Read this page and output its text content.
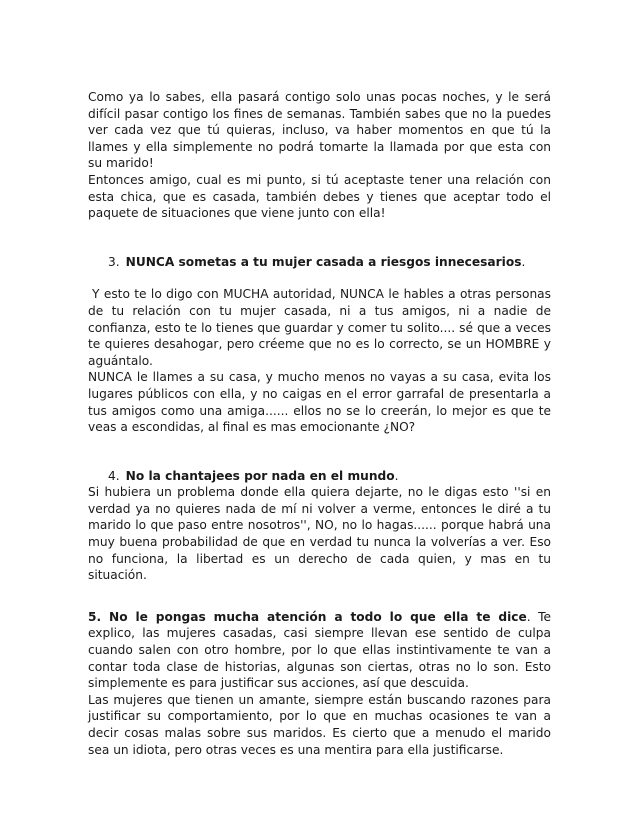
Como ya lo sabes, ella pasará contigo solo unas pocas noches, y le será difícil pasar contigo los fines de semanas. También sabes que no la puedes ver cada vez que tú quieras, incluso, va haber momentos en que tú la llames y ella simplemente no podrá tomarte la llamada por que esta con su marido!

Entonces amigo, cual es mi punto, si tú aceptaste tener una relación con esta chica, que es casada, también debes y tienes que aceptar todo el paquete de situaciones que viene junto con ella!

3. NUNCA sometas a tu mujer casada a riesgos innecesarios.

Y esto te lo digo con MUCHA autoridad, NUNCA le hables a otras personas de tu relación con tu mujer casada, ni a tus amigos, ni a nadie de confianza, esto te lo tienes que guardar y comer tu solito.... sé que a veces te quieres desahogar, pero créeme que no es lo correcto, se un HOMBRE y aguántalo.

NUNCA le llames a su casa, y mucho menos no vayas a su casa, evita los lugares públicos con ella, y no caigas en el error garrafal de presentarla a tus amigos como una amiga...... ellos no se lo creerán, lo mejor es que te veas a escondidas, al final es mas emocionante ¿NO?

4. No la chantajees por nada en el mundo.

Si hubiera un problema donde ella quiera dejarte, no le digas esto ''si en verdad ya no quieres nada de mí ni volver a verme, entonces le diré a tu marido lo que paso entre nosotros'', NO, no lo hagas...... porque habrá una muy buena probabilidad de que en verdad tu nunca la volverías a ver. Eso no funciona, la libertad es un derecho de cada quien, y mas en tu situación.

5. No le pongas mucha atención a todo lo que ella te dice. Te explico, las mujeres casadas, casi siempre llevan ese sentido de culpa cuando salen con otro hombre, por lo que ellas instintivamente te van a contar toda clase de historias, algunas son ciertas, otras no lo son. Esto simplemente es para justificar sus acciones, así que descuida.

Las mujeres que tienen un amante, siempre están buscando razones para justificar su comportamiento, por lo que en muchas ocasiones te van a decir cosas malas sobre sus maridos. Es cierto que a menudo el marido sea un idiota, pero otras veces es una mentira para ella justificarse.
